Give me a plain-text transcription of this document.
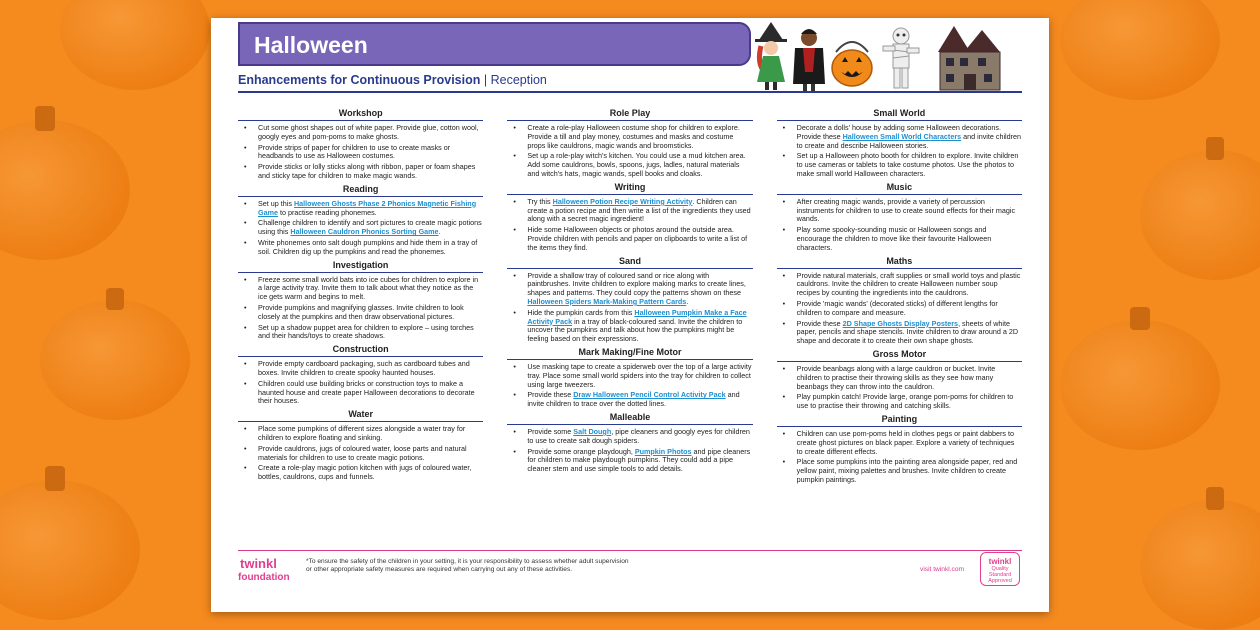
Halloween
Enhancements for Continuous Provision | Reception
Workshop
• Cut some ghost shapes out of white paper. Provide glue, cotton wool, googly eyes and pom-poms to make ghosts.
• Provide strips of paper for children to use to create masks or headbands to use as Halloween costumes.
• Provide sticks or lolly sticks along with ribbon, paper or foam shapes and sticky tape for children to make magic wands.
Reading
• Set up this Halloween Ghosts Phase 2 Phonics Magnetic Fishing Game to practise reading phonemes.
• Challenge children to identify and sort pictures to create magic potions using this Halloween Cauldron Phonics Sorting Game.
• Write phonemes onto salt dough pumpkins and hide them in a tray of soil. Children dig up the pumpkins and read the phonemes.
Investigation
• Freeze some small world bats into ice cubes for children to explore in a large activity tray. Invite them to talk about what they notice as the ice gets warm and begins to melt.
• Provide pumpkins and magnifying glasses. Invite children to look closely at the pumpkins and then draw observational pictures.
• Set up a shadow puppet area for children to explore – using torches and their hands/toys to create shadows.
Construction
• Provide empty cardboard packaging, such as cardboard tubes and boxes. Invite children to create spooky haunted houses.
• Children could use building bricks or construction toys to make a haunted house and create paper Halloween decorations to decorate their houses.
Water
• Place some pumpkins of different sizes alongside a water tray for children to explore floating and sinking.
• Provide cauldrons, jugs of coloured water, loose parts and natural materials for children to use to create magic potions.
• Create a role-play magic potion kitchen with jugs of coloured water, bottles, cauldrons, cups and funnels.
Role Play
• Create a role-play Halloween costume shop for children to explore. Provide a till and play money, costumes and masks and costume props like cauldrons, magic wands and broomsticks.
• Set up a role-play witch's kitchen. You could use a mud kitchen area. Add some cauldrons, bowls, spoons, jugs, ladles, natural materials and witch's hats, magic wands, spell books and cloaks.
Writing
• Try this Halloween Potion Recipe Writing Activity. Children can create a potion recipe and then write a list of the ingredients they used along with a secret magic ingredient!
• Hide some Halloween objects or photos around the outside area. Provide children with pencils and paper on clipboards to write a list of the items they find.
Sand
• Provide a shallow tray of coloured sand or rice along with paintbrushes. Invite children to explore making marks to create lines, shapes and patterns. They could copy the patterns shown on these Halloween Spiders Mark-Making Pattern Cards.
• Hide the pumpkin cards from this Halloween Pumpkin Make a Face Activity Pack in a tray of black-coloured sand. Invite the children to uncover the pumpkins and talk about how the pumpkins might be feeling based on their expressions.
Mark Making/Fine Motor
• Use masking tape to create a spiderweb over the top of a large activity tray. Place some small world spiders into the tray for children to collect using large tweezers.
• Provide these Draw Halloween Pencil Control Activity Pack and invite children to trace over the dotted lines.
Malleable
• Provide some Salt Dough, pipe cleaners and googly eyes for children to use to create salt dough spiders.
• Provide some orange playdough, Pumpkin Photos and pipe cleaners for children to make playdough pumpkins. They could add a pipe cleaner stem and use simple tools to add details.
Small World
• Decorate a dolls' house by adding some Halloween decorations. Provide these Halloween Small World Characters and invite children to create and describe Halloween stories.
• Set up a Halloween photo booth for children to explore. Invite children to use cameras or tablets to take costume photos. Use the photos to make small world Halloween characters.
Music
• After creating magic wands, provide a variety of percussion instruments for children to use to create sound effects for their magic wands.
• Play some spooky-sounding music or Halloween songs and encourage the children to move like their favourite Halloween characters.
Maths
• Provide natural materials, craft supplies or small world toys and plastic cauldrons. Invite the children to create Halloween number soup recipes by counting the ingredients into the cauldrons.
• Provide 'magic wands' (decorated sticks) of different lengths for children to compare and measure.
• Provide these 2D Shape Ghosts Display Posters, sheets of white paper, pencils and shape stencils. Invite children to draw around a 2D shape and decorate it to create their own shape ghosts.
Gross Motor
• Provide beanbags along with a large cauldron or bucket. Invite children to practise their throwing skills as they see how many beanbags they can throw into the cauldron.
• Play pumpkin catch! Provide large, orange pom-poms for children to use to practise their throwing and catching skills.
Painting
• Children can use pom-poms held in clothes pegs or paint dabbers to create ghost pictures on black paper. Explore a variety of techniques to create different effects.
• Place some pumpkins into the painting area alongside paper, red and yellow paint, mixing palettes and brushes. Invite children to create pumpkin paintings.
twinkl
foundation
*To ensure the safety of the children in your setting, it is your responsibility to assess whether adult supervision or other appropriate safety measures are required when carrying out any of these activities.	visit twinkl.com
twinkl
Quality Standard Approved
